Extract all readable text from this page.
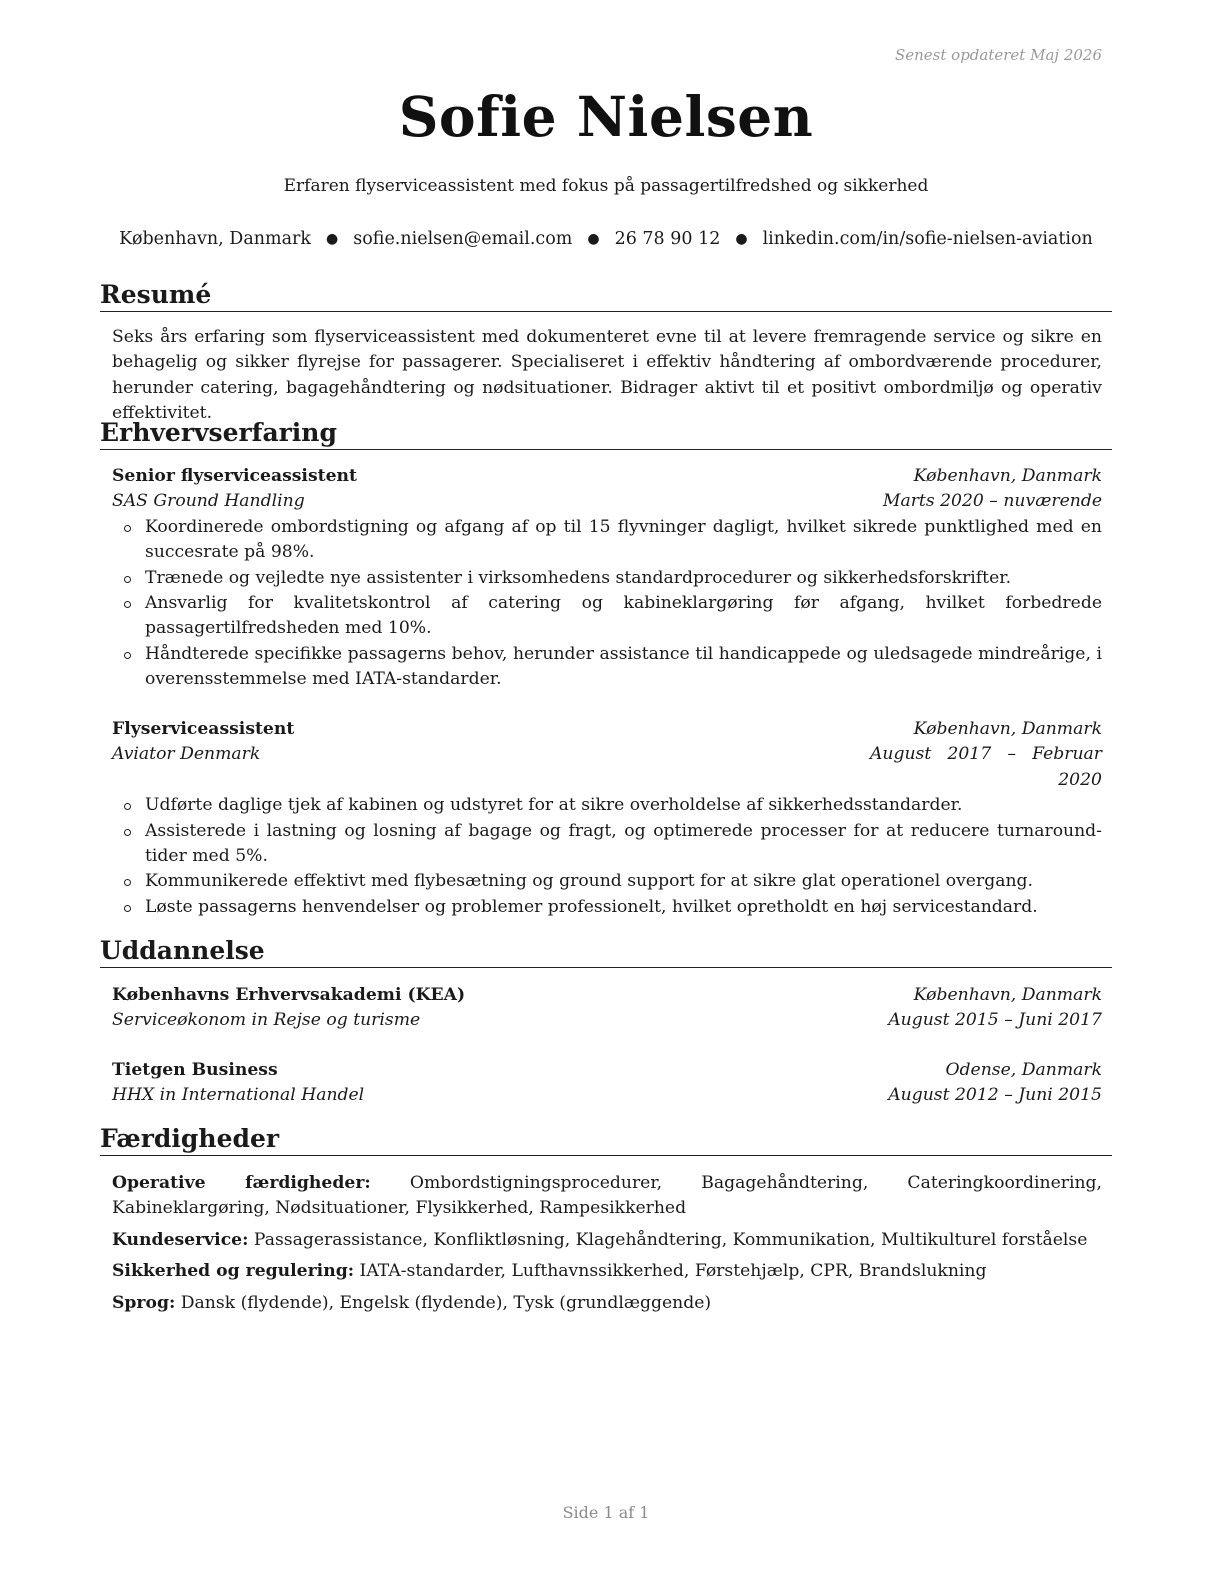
Senest opdateret Maj 2026
Sofie Nielsen
Erfaren flyserviceassistent med fokus på passagertilfredshed og sikkerhed
København, Danmark ● sofie.nielsen@email.com ● 26 78 90 12 ● linkedin.com/in/sofie-nielsen-aviation
Resumé
Seks års erfaring som flyserviceassistent med dokumenteret evne til at levere fremragende service og sikre en behagelig og sikker flyrejse for passagerer. Specialiseret i effektiv håndtering af ombordværende procedurer, herunder catering, bagagehåndtering og nødsituationer. Bidrager aktivt til et positivt ombordmiljø og operativ effektivitet.
Erhvervserfaring
Senior flyserviceassistent	København, Danmark
SAS Ground Handling	Marts 2020 – nuværende
Koordinerede ombordstigning og afgang af op til 15 flyvninger dagligt, hvilket sikrede punktlighed med en succesrate på 98%.
Trænede og vejledte nye assistenter i virksomhedens standardprocedurer og sikkerhedsforskrifter.
Ansvarlig for kvalitetskontrol af catering og kabineklargøring før afgang, hvilket forbedrede passagertilfredsheden med 10%.
Håndterede specifikke passagerns behov, herunder assistance til handicappede og uledsagede mindreårige, i overensstemmelse med IATA-standarder.
Flyserviceassistent	København, Danmark
Aviator Denmark	August 2017 – Februar
2020
Udførte daglige tjek af kabinen og udstyret for at sikre overholdelse af sikkerhedsstandarder.
Assisterede i lastning og losning af bagage og fragt, og optimerede processer for at reducere turnaround-tider med 5%.
Kommunikerede effektivt med flybesætning og ground support for at sikre glat operationel overgang.
Løste passagerns henvendelser og problemer professionelt, hvilket opretholdt en høj servicestandard.
Uddannelse
Københavns Erhvervsakademi (KEA)	København, Danmark
Serviceøkonom in Rejse og turisme	August 2015 – Juni 2017
Tietgen Business	Odense, Danmark
HHX in International Handel	August 2012 – Juni 2015
Færdigheder

Operative færdigheder: Ombordstigningsprocedurer, Bagagehåndtering, Cateringkoordinering, Kabineklargøring, Nødsituationer, Flysikkerhed, Rampesikkerhed

Kundeservice: Passagerassistance, Konfliktløsning, Klagehåndtering, Kommunikation, Multikulturel forståelse

Sikkerhed og regulering: IATA-standarder, Lufthavnssikkerhed, Førstehjælp, CPR, Brandslukning

Sprog: Dansk (flydende), Engelsk (flydende), Tysk (grundlæggende)

Side 1 af 1
